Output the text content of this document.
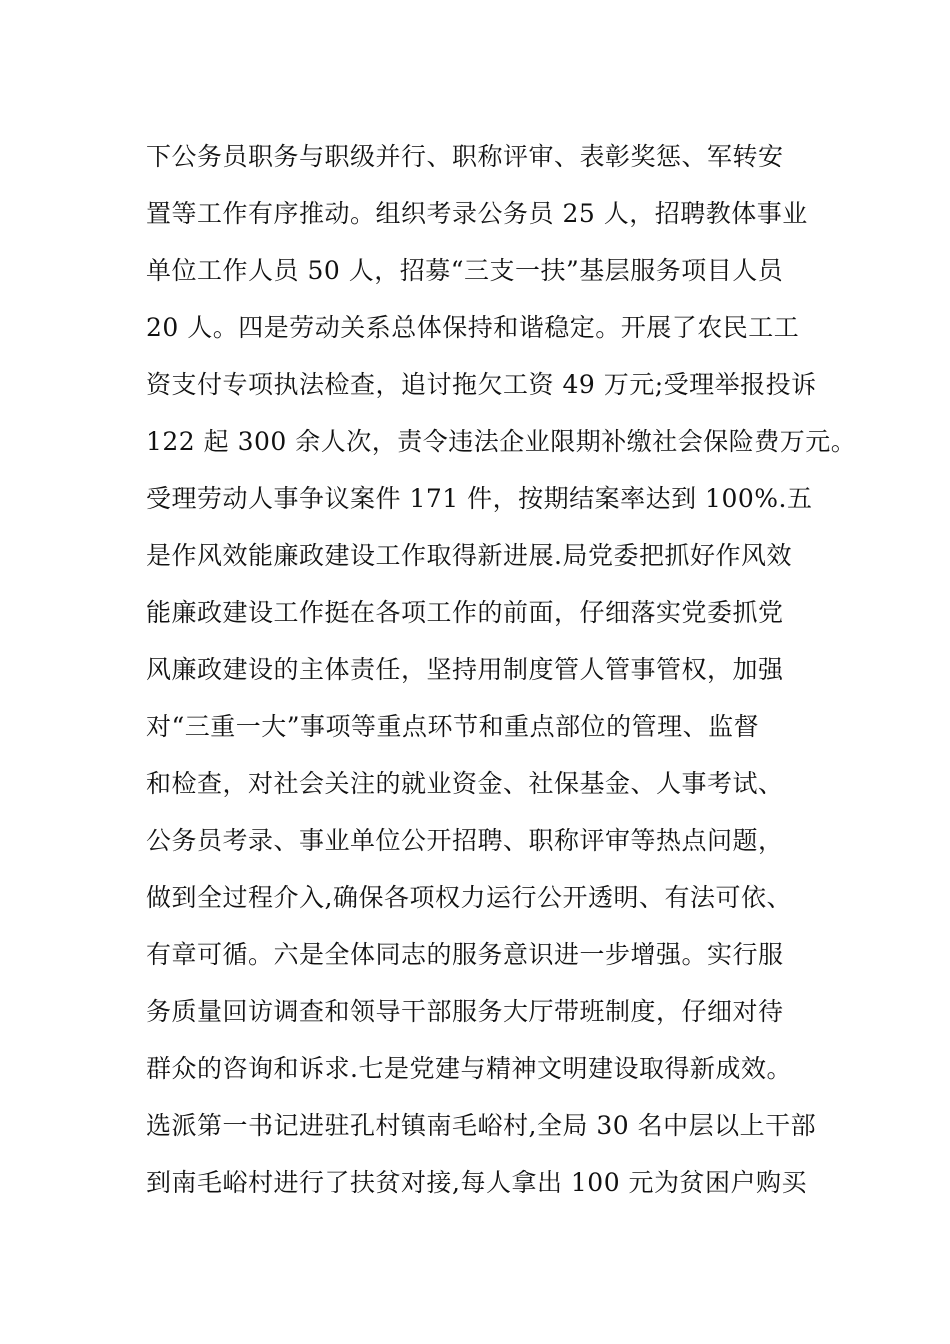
下公务员职务与职级并行、职称评审、表彰奖惩、军转安
置等工作有序推动。组织考录公务员 25 人，招聘教体事业
单位工作人员 50 人，招募“三支一扶”基层服务项目人员
20 人。四是劳动关系总体保持和谐稳定。开展了农民工工
资支付专项执法检查，追讨拖欠工资 49 万元;受理举报投诉
122 起 300 余人次，责令违法企业限期补缴社会保险费万元。
受理劳动人事争议案件 171 件，按期结案率达到 100%.五
是作风效能廉政建设工作取得新进展.局党委把抓好作风效
能廉政建设工作挺在各项工作的前面，仔细落实党委抓党
风廉政建设的主体责任，坚持用制度管人管事管权，加强
对“三重一大”事项等重点环节和重点部位的管理、监督
和检查，对社会关注的就业资金、社保基金、人事考试、
公务员考录、事业单位公开招聘、职称评审等热点问题，
做到全过程介入,确保各项权力运行公开透明、有法可依、
有章可循。六是全体同志的服务意识进一步增强。实行服
务质量回访调查和领导干部服务大厅带班制度，仔细对待
群众的咨询和诉求.七是党建与精神文明建设取得新成效。
选派第一书记进驻孔村镇南毛峪村,全局 30 名中层以上干部
到南毛峪村进行了扶贫对接,每人拿出 100 元为贫困户购买
